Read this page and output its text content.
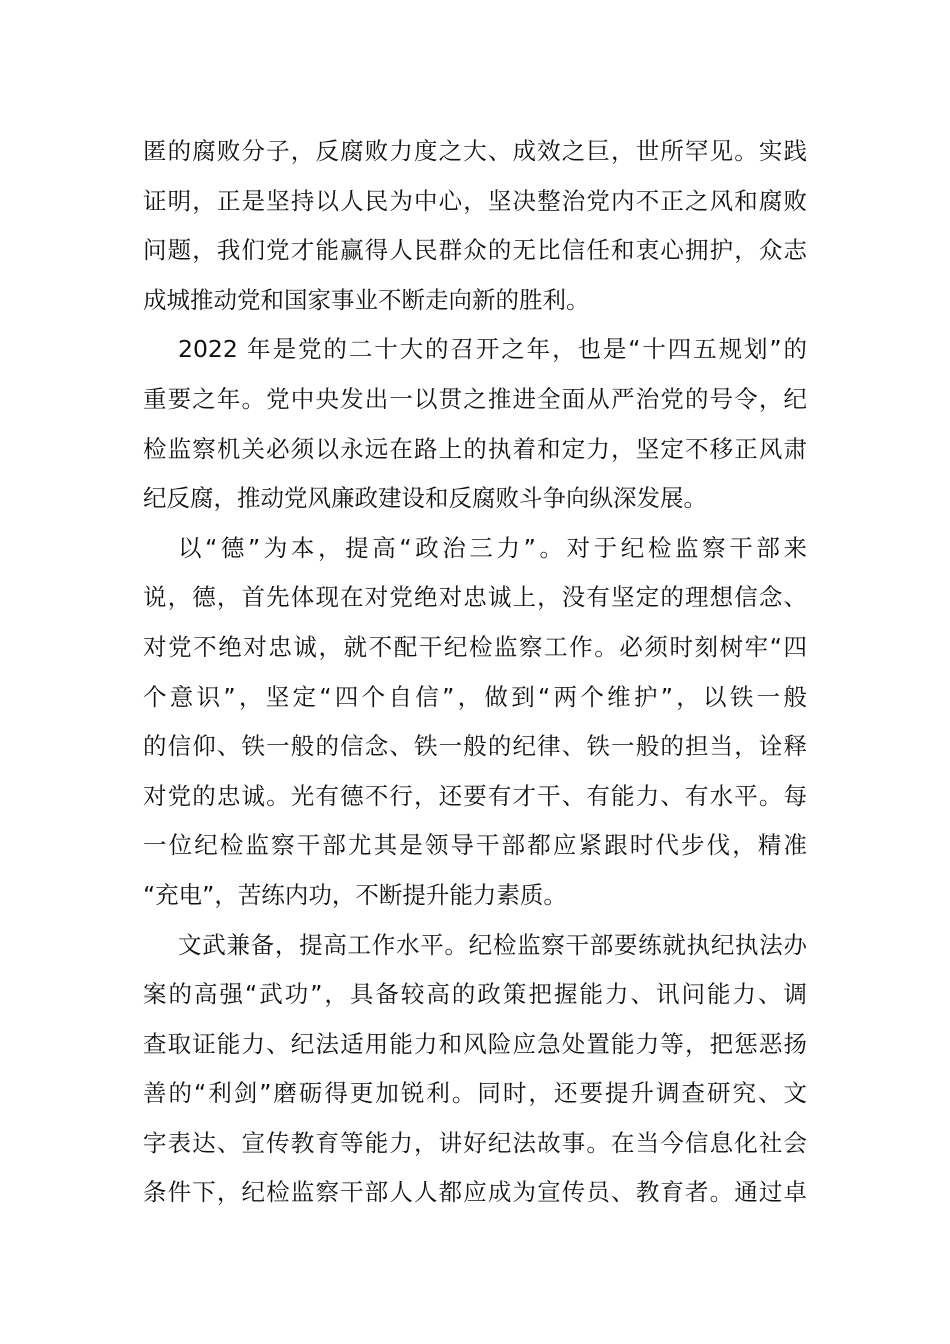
匿的腐败分子，反腐败力度之大、成效之巨，世所罕见。实践
证明，正是坚持以人民为中心，坚决整治党内不正之风和腐败
问题，我们党才能赢得人民群众的无比信任和衷心拥护，众志
成城推动党和国家事业不断走向新的胜利。
2022 年是党的二十大的召开之年，也是“十四五规划”的
重要之年。党中央发出一以贯之推进全面从严治党的号令，纪
检监察机关必须以永远在路上的执着和定力，坚定不移正风肃
纪反腐，推动党风廉政建设和反腐败斗争向纵深发展。
以“德”为本，提高“政治三力”。对于纪检监察干部来
说，德，首先体现在对党绝对忠诚上，没有坚定的理想信念、
对党不绝对忠诚，就不配干纪检监察工作。必须时刻树牢“四
个意识”，坚定“四个自信”，做到“两个维护”，以铁一般
的信仰、铁一般的信念、铁一般的纪律、铁一般的担当，诠释
对党的忠诚。光有德不行，还要有才干、有能力、有水平。每
一位纪检监察干部尤其是领导干部都应紧跟时代步伐，精准
“充电”，苦练内功，不断提升能力素质。
文武兼备，提高工作水平。纪检监察干部要练就执纪执法办
案的高强“武功”，具备较高的政策把握能力、讯问能力、调
查取证能力、纪法适用能力和风险应急处置能力等，把惩恶扬
善的“利剑”磨砺得更加锐利。同时，还要提升调查研究、文
字表达、宣传教育等能力，讲好纪法故事。在当今信息化社会
条件下，纪检监察干部人人都应成为宣传员、教育者。通过卓
